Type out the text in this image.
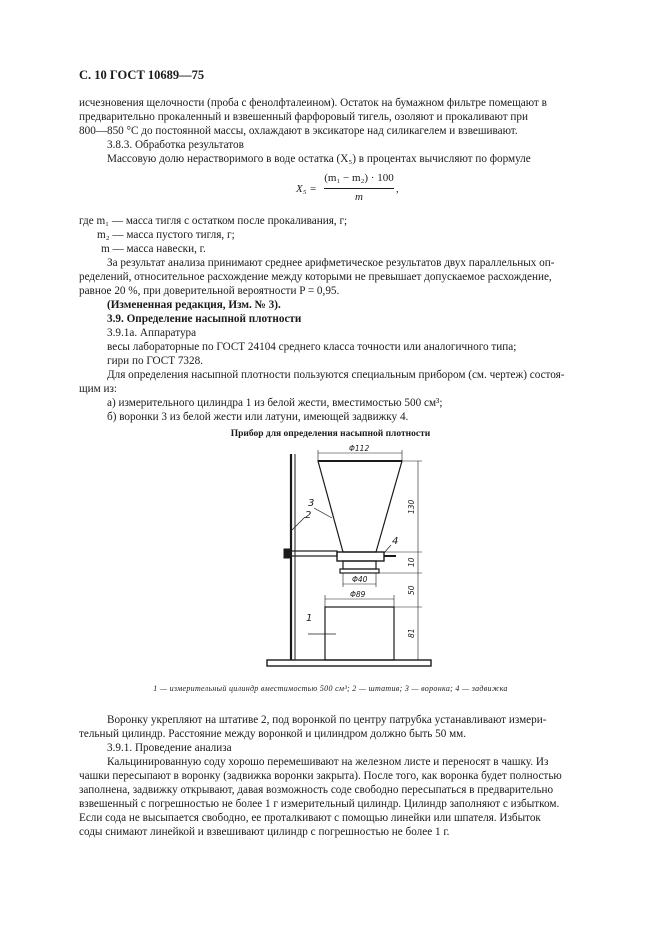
С. 10 ГОСТ 10689—75
исчезновения щелочности (проба с фенолфталеином). Остаток на бумажном фильтре помещают в
предварительно прокаленный и взвешенный фарфоровый тигель, озоляют и прокаливают при
800—850 °С до постоянной массы, охлаждают в эксикаторе над силикагелем и взвешивают.
3.8.3. Обработка результатов
Массовую долю нерастворимого в воде остатка (X₅) в процентах вычисляют по формуле
X₅ =
(m₁ − m₂) · 100
m
,
где m₁ — масса тигля с остатком после прокаливания, г;
m₂ — масса пустого тигля, г;
m — масса навески, г.
За результат анализа принимают среднее арифметическое результатов двух параллельных оп-
ределений, относительное расхождение между которыми не превышает допускаемое расхождение,
равное 20 %, при доверительной вероятности P = 0,95.
(Измененная редакция, Изм. № 3).
3.9. Определение насыпной плотности
3.9.1а. Аппаратура
весы лабораторные по ГОСТ 24104 среднего класса точности или аналогичного типа;
гири по ГОСТ 7328.
Для определения насыпной плотности пользуются специальным прибором (см. чертеж) состоя-
щим из:
а) измерительного цилиндра 1 из белой жести, вместимостью 500 см³;
б) воронки 3 из белой жести или латуни, имеющей задвижку 4.
Прибор для определения насыпной плотности
Φ112
Φ40
Φ89
130
10
50
81
3
2
4
1
1 — измерительный цилиндр вместимостью 500 см³; 2 — штатив; 3 — воронка; 4 — задвижка
Воронку укрепляют на штативе 2, под воронкой по центру патрубка устанавливают измери-
тельный цилиндр. Расстояние между воронкой и цилиндром должно быть 50 мм.
3.9.1. Проведение анализа
Кальцинированную соду хорошо перемешивают на железном листе и переносят в чашку. Из
чашки пересыпают в воронку (задвижка воронки закрыта). После того, как воронка будет полностью
заполнена, задвижку открывают, давая возможность соде свободно пересыпаться в предварительно
взвешенный с погрешностью не более 1 г измерительный цилиндр. Цилиндр заполняют с избытком.
Если сода не высыпается свободно, ее проталкивают с помощью линейки или шпателя. Избыток
соды снимают линейкой и взвешивают цилиндр с погрешностью не более 1 г.
